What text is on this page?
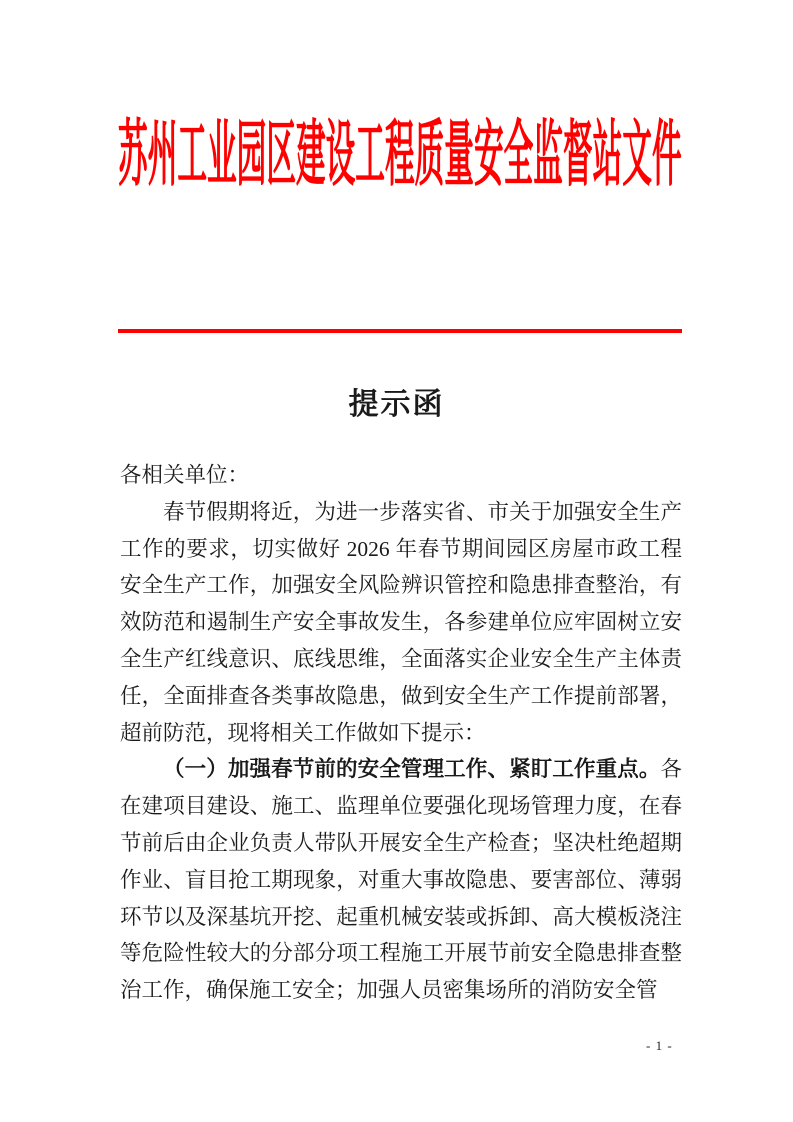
苏州工业园区建设工程质量安全监督站文件
提示函

各相关单位：

春节假期将近，为进一步落实省、市关于加强安全生产工作的要求，切实做好 2026 年春节期间园区房屋市政工程安全生产工作，加强安全风险辨识管控和隐患排查整治，有效防范和遏制生产安全事故发生，各参建单位应牢固树立安全生产红线意识、底线思维，全面落实企业安全生产主体责任，全面排查各类事故隐患，做到安全生产工作提前部署，超前防范，现将相关工作做如下提示：

（一）加强春节前的安全管理工作、紧盯工作重点。各在建项目建设、施工、监理单位要强化现场管理力度，在春节前后由企业负责人带队开展安全生产检查；坚决杜绝超期作业、盲目抢工期现象，对重大事故隐患、要害部位、薄弱环节以及深基坑开挖、起重机械安装或拆卸、高大模板浇注等危险性较大的分部分项工程施工开展节前安全隐患排查整治工作，确保施工安全；加强人员密集场所的消防安全管

- 1 -
